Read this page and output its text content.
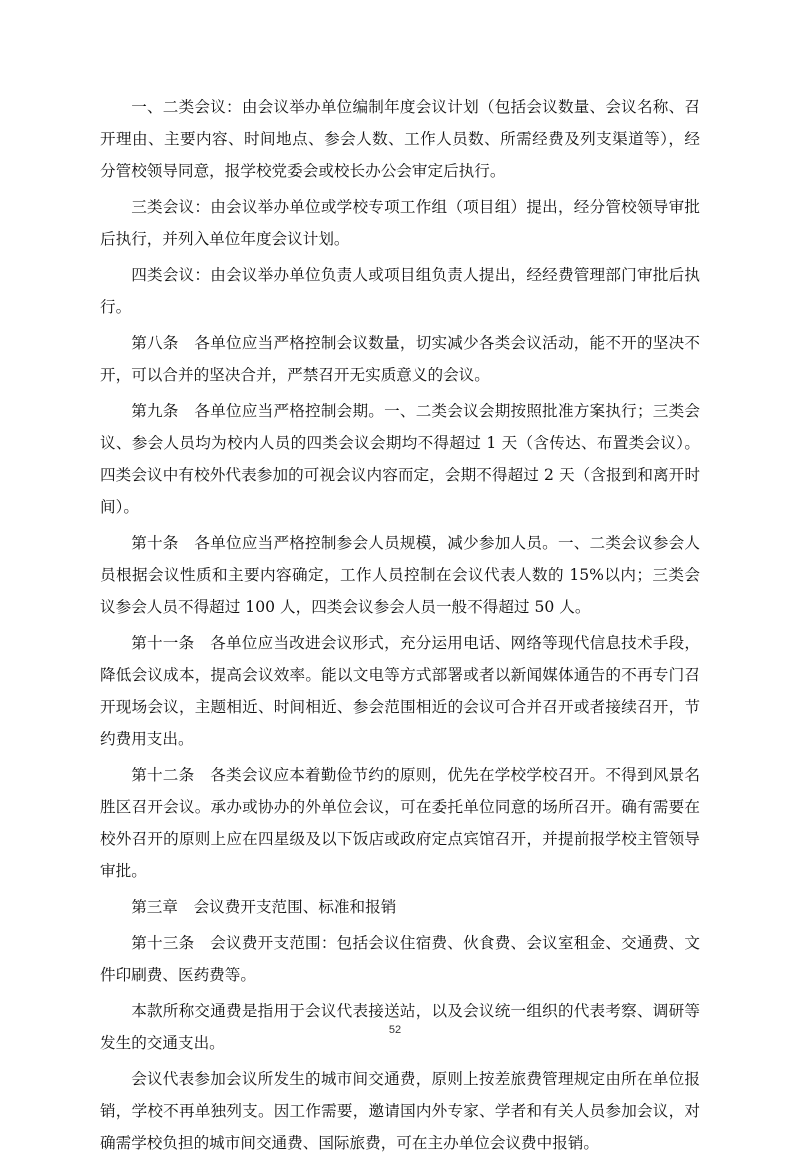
一、二类会议：由会议举办单位编制年度会议计划（包括会议数量、会议名称、召开理由、主要内容、时间地点、参会人数、工作人员数、所需经费及列支渠道等），经分管校领导同意，报学校党委会或校长办公会审定后执行。

三类会议：由会议举办单位或学校专项工作组（项目组）提出，经分管校领导审批后执行，并列入单位年度会议计划。

四类会议：由会议举办单位负责人或项目组负责人提出，经经费管理部门审批后执行。

第八条　各单位应当严格控制会议数量，切实减少各类会议活动，能不开的坚决不开，可以合并的坚决合并，严禁召开无实质意义的会议。

第九条　各单位应当严格控制会期。一、二类会议会期按照批准方案执行；三类会议、参会人员均为校内人员的四类会议会期均不得超过 1 天（含传达、布置类会议）。四类会议中有校外代表参加的可视会议内容而定，会期不得超过 2 天（含报到和离开时间）。

第十条　各单位应当严格控制参会人员规模，减少参加人员。一、二类会议参会人员根据会议性质和主要内容确定，工作人员控制在会议代表人数的 15%以内；三类会议参会人员不得超过 100 人，四类会议参会人员一般不得超过 50 人。

第十一条　各单位应当改进会议形式，充分运用电话、网络等现代信息技术手段，降低会议成本，提高会议效率。能以文电等方式部署或者以新闻媒体通告的不再专门召开现场会议，主题相近、时间相近、参会范围相近的会议可合并召开或者接续召开，节约费用支出。

第十二条　各类会议应本着勤俭节约的原则，优先在学校学校召开。不得到风景名胜区召开会议。承办或协办的外单位会议，可在委托单位同意的场所召开。确有需要在校外召开的原则上应在四星级及以下饭店或政府定点宾馆召开，并提前报学校主管领导审批。

第三章　会议费开支范围、标准和报销

第十三条　会议费开支范围：包括会议住宿费、伙食费、会议室租金、交通费、文件印刷费、医药费等。

本款所称交通费是指用于会议代表接送站，以及会议统一组织的代表考察、调研等发生的交通支出。

会议代表参加会议所发生的城市间交通费，原则上按差旅费管理规定由所在单位报销，学校不再单独列支。因工作需要，邀请国内外专家、学者和有关人员参加会议，对确需学校负担的城市间交通费、国际旅费，可在主办单位会议费中报销。

52
